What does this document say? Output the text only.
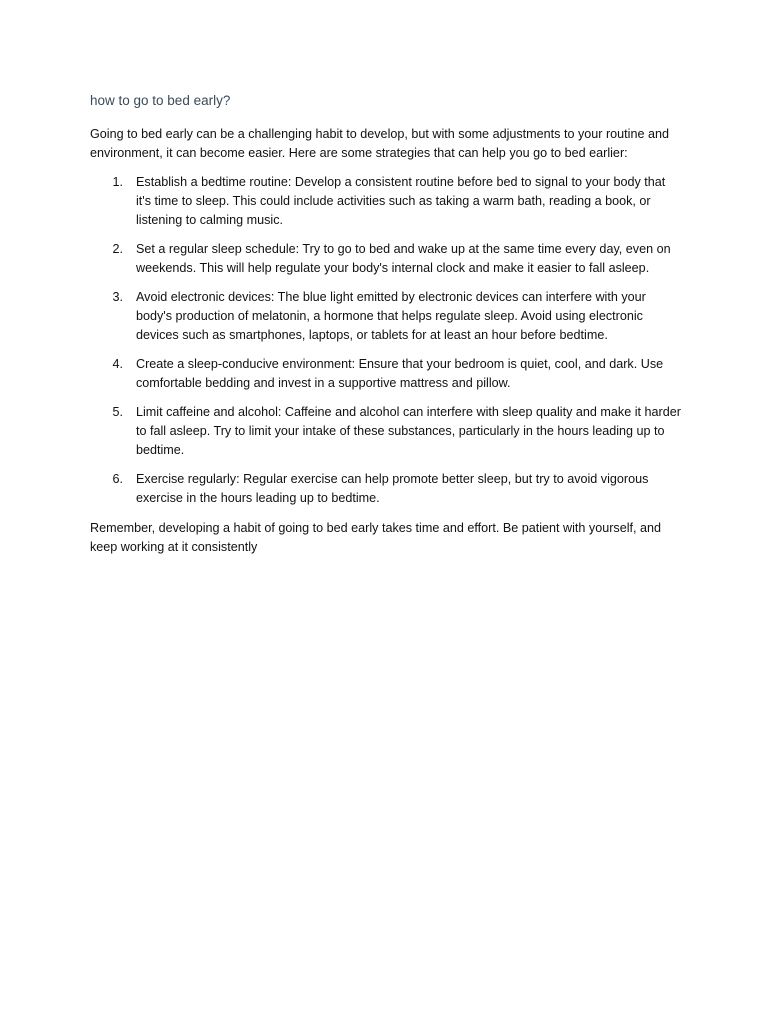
how to go to bed early?

Going to bed early can be a challenging habit to develop, but with some adjustments to your routine and environment, it can become easier. Here are some strategies that can help you go to bed earlier:

1.	Establish a bedtime routine: Develop a consistent routine before bed to signal to your body that it's time to sleep. This could include activities such as taking a warm bath, reading a book, or listening to calming music.
2.	Set a regular sleep schedule: Try to go to bed and wake up at the same time every day, even on weekends. This will help regulate your body's internal clock and make it easier to fall asleep.
3.	Avoid electronic devices: The blue light emitted by electronic devices can interfere with your body's production of melatonin, a hormone that helps regulate sleep. Avoid using electronic devices such as smartphones, laptops, or tablets for at least an hour before bedtime.
4.	Create a sleep-conducive environment: Ensure that your bedroom is quiet, cool, and dark. Use comfortable bedding and invest in a supportive mattress and pillow.
5.	Limit caffeine and alcohol: Caffeine and alcohol can interfere with sleep quality and make it harder to fall asleep. Try to limit your intake of these substances, particularly in the hours leading up to bedtime.
6.	Exercise regularly: Regular exercise can help promote better sleep, but try to avoid vigorous exercise in the hours leading up to bedtime.

Remember, developing a habit of going to bed early takes time and effort. Be patient with yourself, and keep working at it consistently
